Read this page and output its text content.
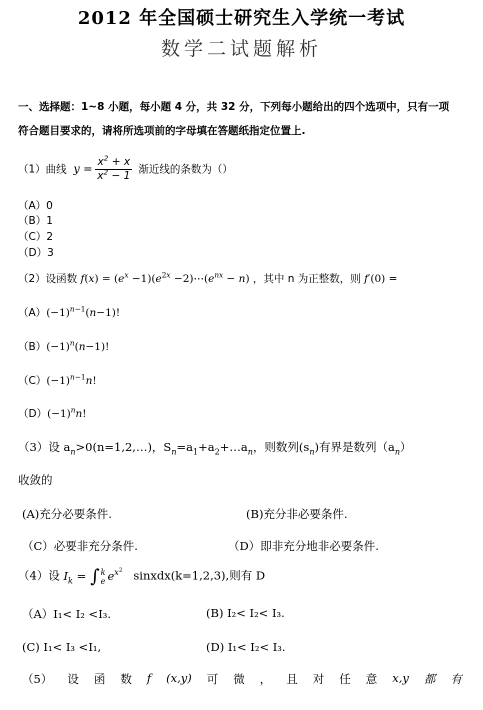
2012 年全国硕士研究生入学统一考试
数学二试题解析
一、选择题：1~8 小题，每小题 4 分，共 32 分，下列每小题给出的四个选项中，只有一项
符合题目要求的，请将所选项前的字母填在答题纸指定位置上.
（1）曲线  $y = \frac{x^2 + x}{x^2 - 1}$ 渐近线的条数为（）
（A）0
（B）1
（C）2
（D）3
（2）设函数 $f(x) = (e^x -1)(e^{2x}$ $-2)\cdots(e^{nx} - n)$ ，其中 n 为正整数，则 f′(0) =
$(A)(-1)^{n-1}(n-1)$!
$(B)(-1)^n(n-1)$!
$(C)(-1)^{n-1}n$!
$(D)(-1)^nn$!
（3）设 $a_n>0(n=1,2,\dots)$，$S_n=a_1+a_2+\dots a_n$，则数列$(s_n)$有界是数列$(a_n)$
收敛的
(A)充分必要条件.	(B)充分非必要条件.
（C）必要非充分条件.	（D）即非充分地非必要条件.
（4）设 $I_k = \int k$
e $e^{x^2}$ sinxdx(k=1,2,3),则有 D
（A）I₁< I₂ <I₃.	(B) I₂< I₂< I₃.
(C) I₁< I₃ <I₁,	(D) I₁< I₂< I₃.
（5） 设 函 数 f (x,y) 可 微 ， 且 对 任 意 x,y 都 有
